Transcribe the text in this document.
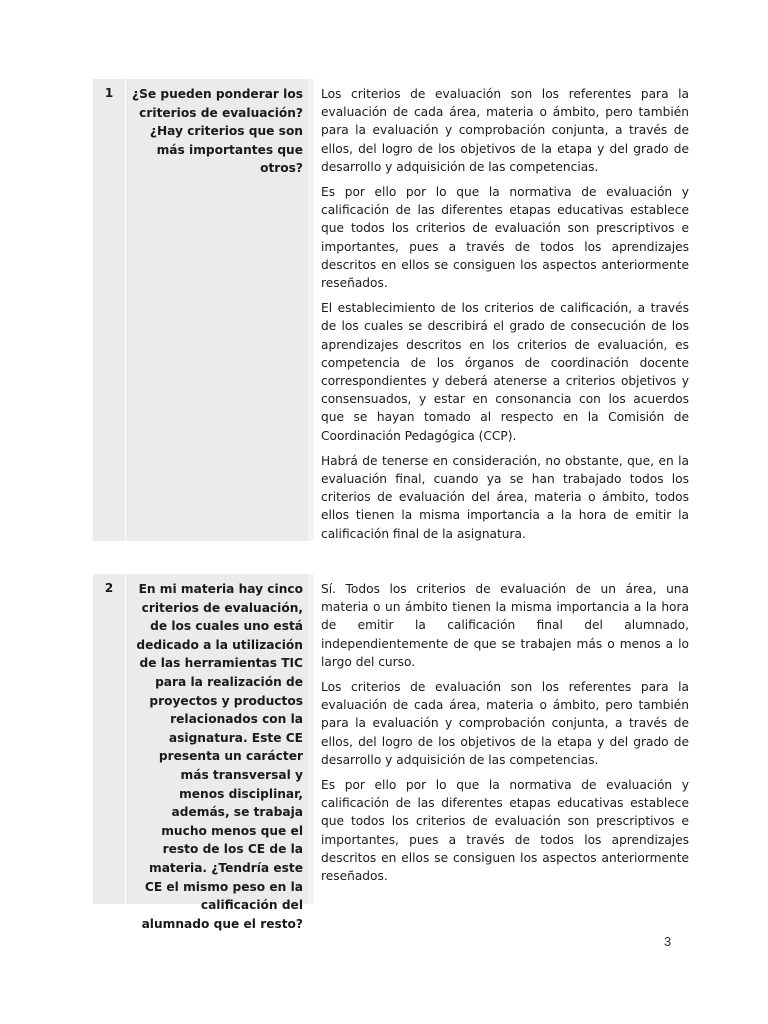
1	¿Se pueden ponderar los criterios de evaluación? ¿Hay criterios que son más importantes que otros?

Los criterios de evaluación son los referentes para la evaluación de cada área, materia o ámbito, pero también para la evaluación y comprobación conjunta, a través de ellos, del logro de los objetivos de la etapa y del grado de desarrollo y adquisición de las competencias.

Es por ello por lo que la normativa de evaluación y calificación de las diferentes etapas educativas establece que todos los criterios de evaluación son prescriptivos e importantes, pues a través de todos los aprendizajes descritos en ellos se consiguen los aspectos anteriormente reseñados.

El establecimiento de los criterios de calificación, a través de los cuales se describirá el grado de consecución de los aprendizajes descritos en los criterios de evaluación, es competencia de los órganos de coordinación docente correspondientes y deberá atenerse a criterios objetivos y consensuados, y estar en consonancia con los acuerdos que se hayan tomado al respecto en la Comisión de Coordinación Pedagógica (CCP).

Habrá de tenerse en consideración, no obstante, que, en la evaluación final, cuando ya se han trabajado todos los criterios de evaluación del área, materia o ámbito, todos ellos tienen la misma importancia a la hora de emitir la calificación final de la asignatura.

2	En mi materia hay cinco criterios de evaluación, de los cuales uno está dedicado a la utilización de las herramientas TIC para la realización de proyectos y productos relacionados con la asignatura. Este CE presenta un carácter más transversal y menos disciplinar, además, se trabaja mucho menos que el resto de los CE de la materia. ¿Tendría este CE el mismo peso en la calificación del alumnado que el resto?

Sí. Todos los criterios de evaluación de un área, una materia o un ámbito tienen la misma importancia a la hora de emitir la calificación final del alumnado, independientemente de que se trabajen más o menos a lo largo del curso.

Los criterios de evaluación son los referentes para la evaluación de cada área, materia o ámbito, pero también para la evaluación y comprobación conjunta, a través de ellos, del logro de los objetivos de la etapa y del grado de desarrollo y adquisición de las competencias.

Es por ello por lo que la normativa de evaluación y calificación de las diferentes etapas educativas establece que todos los criterios de evaluación son prescriptivos e importantes, pues a través de todos los aprendizajes descritos en ellos se consiguen los aspectos anteriormente reseñados.

3
